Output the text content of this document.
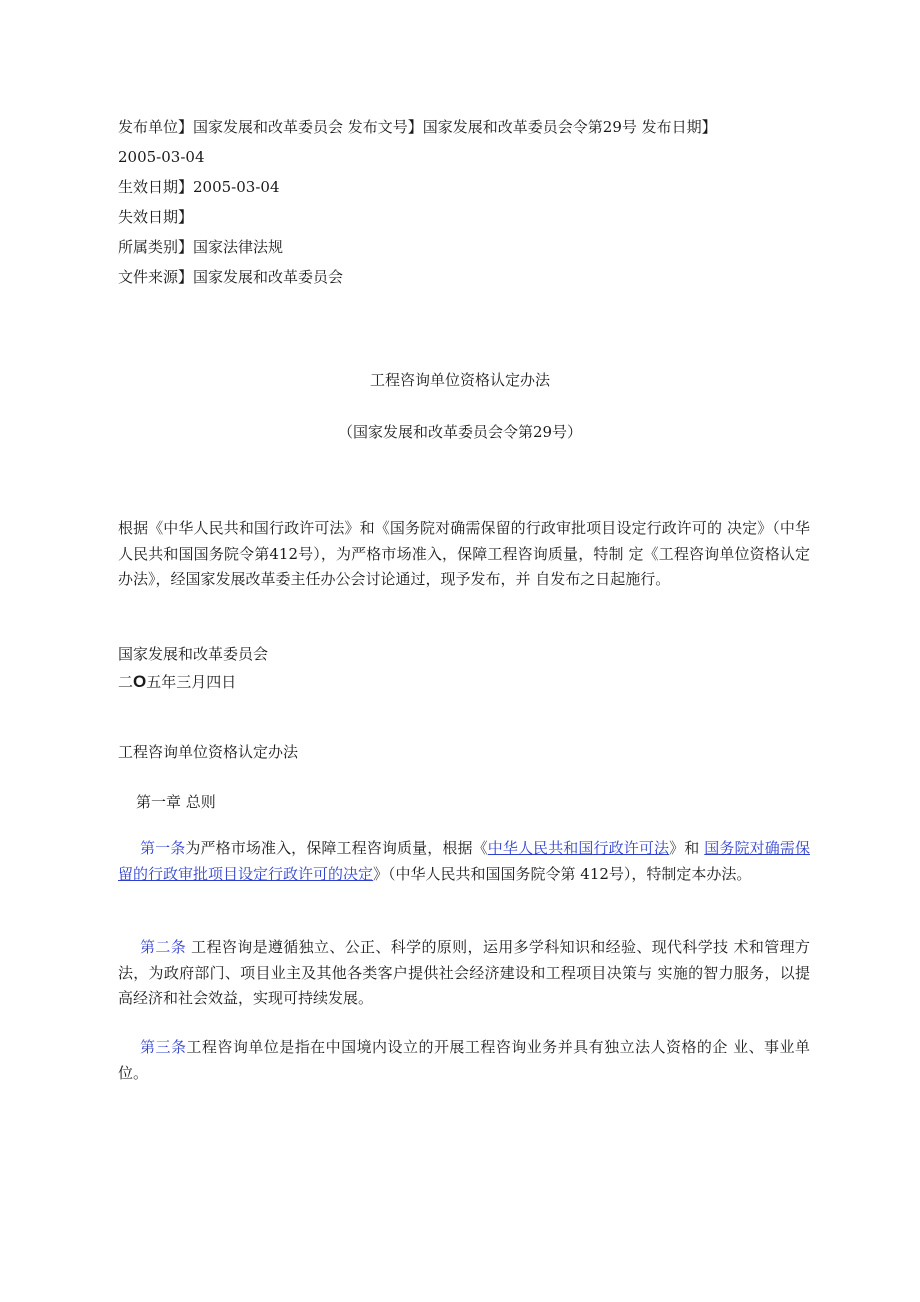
发布单位】国家发展和改革委员会 发布文号】国家发展和改革委员会令第29号 发布日期】
2005-03-04
生效日期】2005-03-04
失效日期】
所属类别】国家法律法规
文件来源】国家发展和改革委员会
工程咨询单位资格认定办法
（国家发展和改革委员会令第29号）
根据《中华人民共和国行政许可法》和《国务院对确需保留的行政审批项目设定行政许可的 决定》（中华人民共和国国务院令第412号），为严格市场准入，保障工程咨询质量，特制 定《工程咨询单位资格认定办法》，经国家发展改革委主任办公会讨论通过，现予发布，并 自发布之日起施行。
国家发展和改革委员会
二O五年三月四日
工程咨询单位资格认定办法
第一章 总则
第一条为严格市场准入，保障工程咨询质量，根据《中华人民共和国行政许可法》和 国务院对确需保留的行政审批项目设定行政许可的决定》（中华人民共和国国务院令第 412号），特制定本办法。
第二条 工程咨询是遵循独立、公正、科学的原则，运用多学科知识和经验、现代科学技 术和管理方法，为政府部门、项目业主及其他各类客户提供社会经济建设和工程项目决策与 实施的智力服务，以提高经济和社会效益，实现可持续发展。
第三条工程咨询单位是指在中国境内设立的开展工程咨询业务并具有独立法人资格的企 业、事业单位。
